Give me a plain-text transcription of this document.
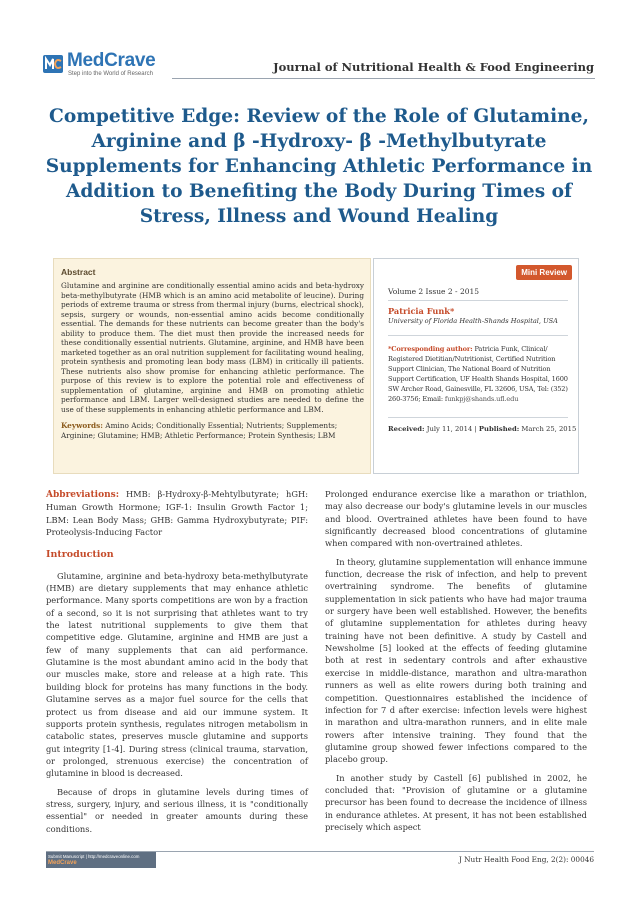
MedCrave
Step into the World of Research	Journal of Nutritional Health & Food Engineering
Competitive Edge: Review of the Role of Glutamine, Arginine and β -Hydroxy- β -Methylbutyrate Supplements for Enhancing Athletic Performance in Addition to Benefiting the Body During Times of Stress, Illness and Wound Healing
Abstract
Glutamine and arginine are conditionally essential amino acids and beta-hydroxy beta-methylbutyrate (HMB which is an amino acid metabolite of leucine). During periods of extreme trauma or stress from thermal injury (burns, electrical shock), sepsis, surgery or wounds, non-essential amino acids become conditionally essential. The demands for these nutrients can become greater than the body's ability to produce them. The diet must then provide the increased needs for these conditionally essential nutrients. Glutamine, arginine, and HMB have been marketed together as an oral nutrition supplement for facilitating wound healing, protein synthesis and promoting lean body mass (LBM) in critically ill patients. These nutrients also show promise for enhancing athletic performance. The purpose of this review is to explore the potential role and effectiveness of supplementation of glutamine, arginine and HMB on promoting athletic performance and LBM. Larger well-designed studies are needed to define the use of these supplements in enhancing athletic performance and LBM.
Keywords: Amino Acids; Conditionally Essential; Nutrients; Supplements; Arginine; Glutamine; HMB; Athletic Performance; Protein Synthesis; LBM
Mini Review
Volume 2 Issue 2 - 2015
Patricia Funk*
University of Florida Health-Shands Hospital, USA
*Corresponding author: Patricia Funk, Clinical/ Registered Dietitian/Nutritionist, Certified Nutrition Support Clinician, The National Board of Nutrition Support Certification, UF Health Shands Hospital, 1600 SW Archer Road, Gainesville, FL 32606, USA, Tel: (352) 260-3756; Email: funkpj@shands.ufl.edu
Received: July 11, 2014 | Published: March 25, 2015

Abbreviations: HMB: β-Hydroxy-β-Mehtylbutyrate; hGH: Human Growth Hormone; IGF-1: Insulin Growth Factor 1; LBM: Lean Body Mass; GHB: Gamma Hydroxybutyrate; PIF: Proteolysis-Inducing Factor

Introduction

Glutamine, arginine and beta-hydroxy beta-methylbutyrate (HMB) are dietary supplements that may enhance athletic performance. Many sports competitions are won by a fraction of a second, so it is not surprising that athletes want to try the latest nutritional supplements to give them that competitive edge. Glutamine, arginine and HMB are just a few of many supplements that can aid performance. Glutamine is the most abundant amino acid in the body that our muscles make, store and release at a high rate. This building block for proteins has many functions in the body. Glutamine serves as a major fuel source for the cells that protect us from disease and aid our immune system. It supports protein synthesis, regulates nitrogen metabolism in catabolic states, preserves muscle glutamine and supports gut integrity [1-4]. During stress (clinical trauma, starvation, or prolonged, strenuous exercise) the concentration of glutamine in blood is decreased.

Because of drops in glutamine levels during times of stress, surgery, injury, and serious illness, it is "conditionally essential" or needed in greater amounts during these conditions.

Prolonged endurance exercise like a marathon or triathlon, may also decrease our body's glutamine levels in our muscles and blood. Overtrained athletes have been found to have significantly decreased blood concentrations of glutamine when compared with non-overtrained athletes.

In theory, glutamine supplementation will enhance immune function, decrease the risk of infection, and help to prevent overtraining syndrome. The benefits of glutamine supplementation in sick patients who have had major trauma or surgery have been well established. However, the benefits of glutamine supplementation for athletes during heavy training have not been definitive. A study by Castell and Newsholme [5] looked at the effects of feeding glutamine both at rest in sedentary controls and after exhaustive exercise in middle-distance, marathon and ultra-marathon runners as well as elite rowers during both training and competition. Questionnaires established the incidence of infection for 7 d after exercise: infection levels were highest in marathon and ultra-marathon runners, and in elite male rowers after intensive training. They found that the glutamine group showed fewer infections compared to the placebo group.

In another study by Castell [6] published in 2002, he concluded that: "Provision of glutamine or a glutamine precursor has been found to decrease the incidence of illness in endurance athletes. At present, it has not been established precisely which aspect

Submit Manuscript | http://medcraveonline.com
MedCrave	J Nutr Health Food Eng, 2(2): 00046
